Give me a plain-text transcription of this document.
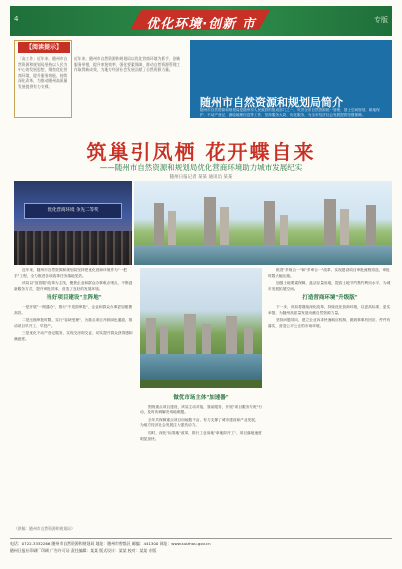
4	优化环境·创新 市	专版
【阅读提示】
「高工作」近年来，随州市自然资源和规划局坚持以人民为中心的发展思想，聚焦优化营商环境，提升服务效能，持续深化改革，为推动随州高质量发展提供有力支撑。
近年来，随州市自然资源和规划局以优化营商环境为抓手，创新服务举措，提升审批效率，强化要素保障，推动自然资源管理工作取得新成效，为地方经济社会发展贡献了自然资源力量。
随州市自然资源和规划局简介
随州市自然资源和规划局是随州市人民政府的组成部门之一，负责全市自然资源统一管理、国土空间规划、耕地保护、不动产登记、测绘地理信息等工作，坚持服务大局、优化服务，为全市经济社会发展提供坚强保障。
筑巢引凤栖 花开蝶自来
——随州市自然资源和规划局优化营商环境助力城市发展纪实
随州日报记者 某某 通讯员 某某
优化营商环境 争先二等奖

近年来，随州市自然资源和规划局坚持把优化营商环境作为"一把手"工程，全力推进各项改革任务落地见效。

该局以"放管服"改革为主线，聚焦企业和群众办事难点堵点，不断创新服务方式，提升审批效率，营造了良好的发展环境。

当好项目建设"主阵地"

一是开展"一网通办"，推行"不见面审批"，企业和群众办事更加便捷高效。

二是压缩审批时限，实行"容缺受理"，为重点项目开辟绿色通道，推动项目早开工、早投产。

三是优化不动产登记服务，实现交房即交证，切实提升群众获得感和满意度。

做优市场主体"加速器"

围绕重点项目建设，该局主动对接、靠前服务，开展"项目服务专班"行动，及时协调解决用地难题。

全年共保障重点项目用地数千亩，有力支撑了城市建设和产业发展，为地方经济社会发展注入强劲动力。

同时，深化"标准地"改革，推行工业用地"拿地即开工"，项目落地速度明显加快。

推进"多规合一"和"多审合一"改革，实现建设项目审批流程再造，审批时限大幅压缩。

加强土地要素保障，盘活存量用地，提高土地节约集约利用水平，为城市发展拓展空间。

打造营商环境"升级版"

下一步，该局将继续深化改革，持续优化营商环境，以更高标准、更实举措，为随州高质量发展贡献自然资源力量。

坚持问题导向，建立企业诉求快速响应机制，做到事事有回应、件件有落实，营造公平公正的市场环境。

（供稿：随州市自然资源和规划局）
电话：0722-3332266 随州市自然资源和规划局 地址：随州市曾都区 邮编：441300 网址：www.suizhou.gov.cn
随州日报社印刷厂印刷 广告许可证 责任编辑：某某 版式设计：某某 校对：某某 专版
